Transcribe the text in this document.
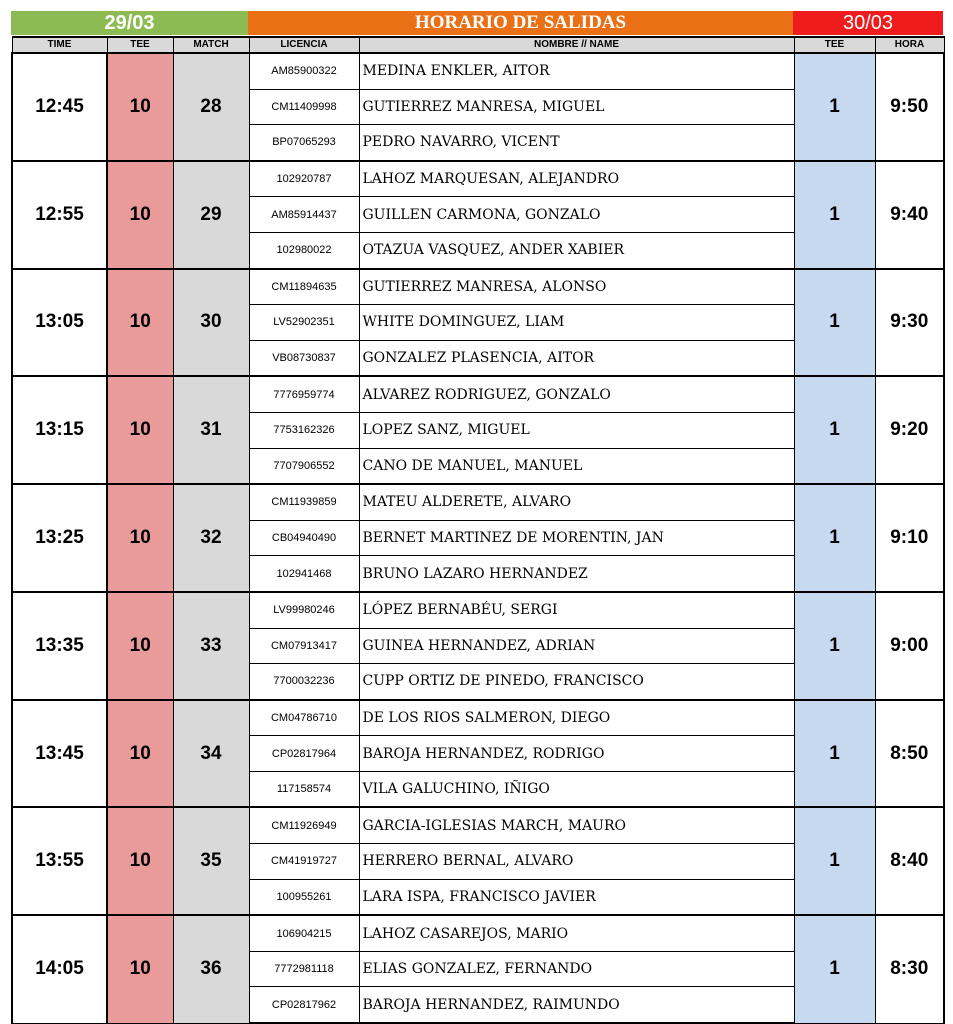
29/03	HORARIO DE SALIDAS	30/03
TIME	TEE	MATCH	LICENCIA	NOMBRE // NAME	TEE	HORA
12:45	10	28	AM85900322	MEDINA ENKLER, AITOR	1	9:50
			CM11409998	GUTIERREZ MANRESA, MIGUEL		
			BP07065293	PEDRO NAVARRO, VICENT		
12:55	10	29	102920787	LAHOZ MARQUESAN, ALEJANDRO	1	9:40
			AM85914437	GUILLEN CARMONA, GONZALO		
			102980022	OTAZUA VASQUEZ, ANDER XABIER		
13:05	10	30	CM11894635	GUTIERREZ MANRESA, ALONSO	1	9:30
			LV52902351	WHITE DOMINGUEZ, LIAM		
			VB08730837	GONZALEZ PLASENCIA, AITOR		
13:15	10	31	7776959774	ALVAREZ RODRIGUEZ, GONZALO	1	9:20
			7753162326	LOPEZ SANZ, MIGUEL		
			7707906552	CANO DE MANUEL, MANUEL		
13:25	10	32	CM11939859	MATEU ALDERETE, ALVARO	1	9:10
			CB04940490	BERNET MARTINEZ DE MORENTIN, JAN		
			102941468	BRUNO LAZARO HERNANDEZ		
13:35	10	33	LV99980246	LÓPEZ BERNABÉU, SERGI	1	9:00
			CM07913417	GUINEA HERNANDEZ, ADRIAN		
			7700032236	CUPP ORTIZ DE PINEDO, FRANCISCO		
13:45	10	34	CM04786710	DE LOS RIOS SALMERON, DIEGO	1	8:50
			CP02817964	BAROJA HERNANDEZ, RODRIGO		
			117158574	VILA GALUCHINO, IÑIGO		
13:55	10	35	CM11926949	GARCIA-IGLESIAS MARCH, MAURO	1	8:40
			CM41919727	HERRERO BERNAL, ALVARO		
			100955261	LARA ISPA, FRANCISCO JAVIER		
14:05	10	36	106904215	LAHOZ CASAREJOS, MARIO	1	8:30
			7772981118	ELIAS GONZALEZ, FERNANDO		
			CP02817962	BAROJA HERNANDEZ, RAIMUNDO		
